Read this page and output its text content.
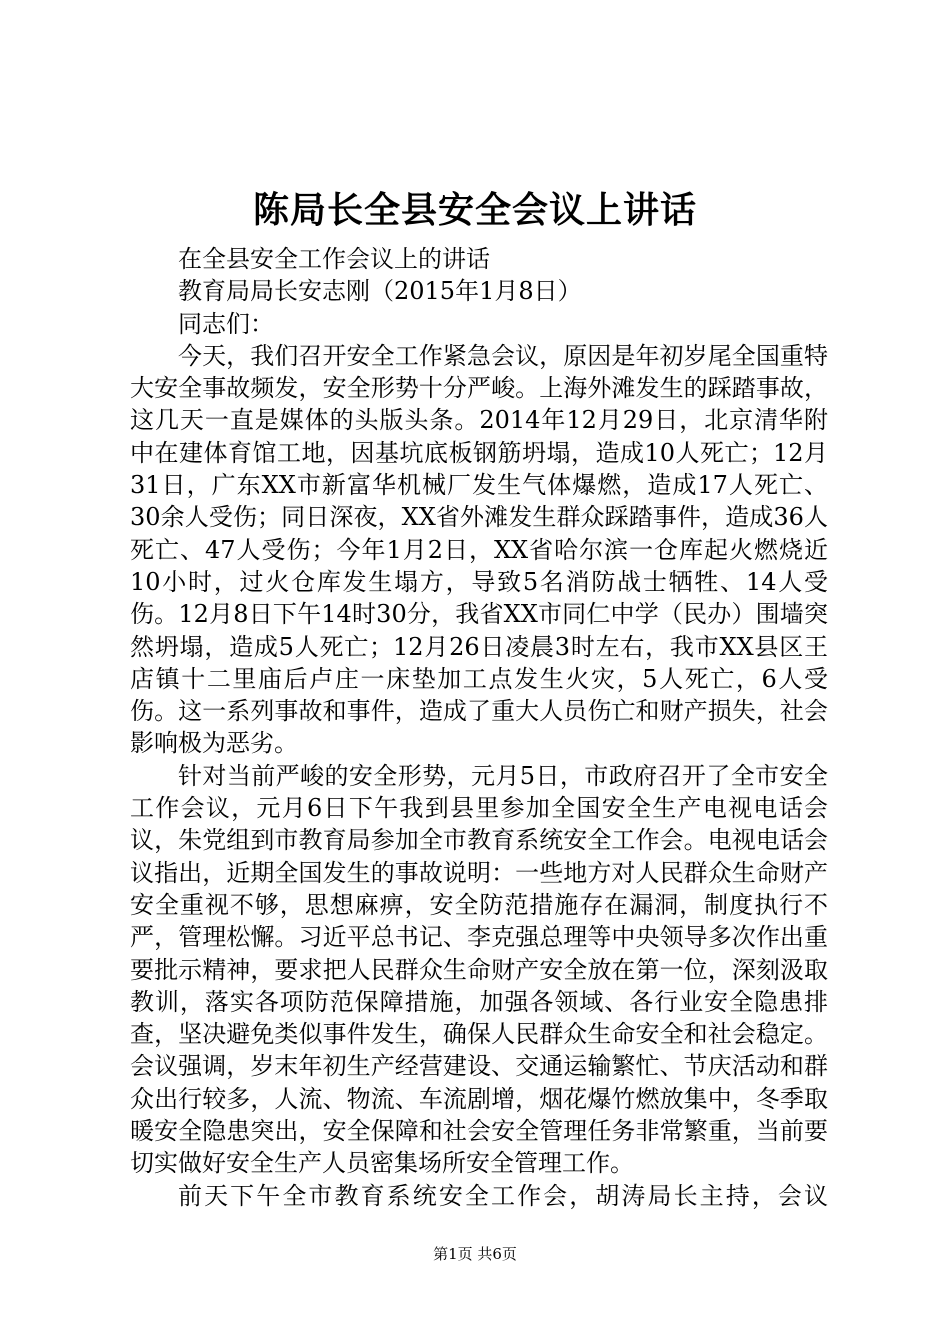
陈局长全县安全会议上讲话

在全县安全工作会议上的讲话

教育局局长安志刚（2015年1月8日）

同志们：

今天，我们召开安全工作紧急会议，原因是年初岁尾全国重特大安全事故频发，安全形势十分严峻。上海外滩发生的踩踏事故，这几天一直是媒体的头版头条。2014年12月29日，北京清华附中在建体育馆工地，因基坑底板钢筋坍塌，造成10人死亡；12月31日，广东XX市新富华机械厂发生气体爆燃，造成17人死亡、30余人受伤；同日深夜，XX省外滩发生群众踩踏事件，造成36人死亡、47人受伤；今年1月2日，XX省哈尔滨一仓库起火燃烧近10小时，过火仓库发生塌方，导致5名消防战士牺牲、14人受伤。12月8日下午14时30分，我省XX市同仁中学（民办）围墙突然坍塌，造成5人死亡；12月26日凌晨3时左右，我市XX县区王店镇十二里庙后卢庄一床垫加工点发生火灾，5人死亡，6人受伤。这一系列事故和事件，造成了重大人员伤亡和财产损失，社会影响极为恶劣。

针对当前严峻的安全形势，元月5日，市政府召开了全市安全工作会议，元月6日下午我到县里参加全国安全生产电视电话会议，朱党组到市教育局参加全市教育系统安全工作会。电视电话会议指出，近期全国发生的事故说明：一些地方对人民群众生命财产安全重视不够，思想麻痹，安全防范措施存在漏洞，制度执行不严，管理松懈。习近平总书记、李克强总理等中央领导多次作出重要批示精神，要求把人民群众生命财产安全放在第一位，深刻汲取教训，落实各项防范保障措施，加强各领域、各行业安全隐患排查，坚决避免类似事件发生，确保人民群众生命安全和社会稳定。会议强调，岁末年初生产经营建设、交通运输繁忙、节庆活动和群众出行较多，人流、物流、车流剧增，烟花爆竹燃放集中，冬季取暖安全隐患突出，安全保障和社会安全管理任务非常繁重，当前要切实做好安全生产人员密集场所安全管理工作。

前天下午全市教育系统安全工作会，胡涛局长主持，会议

第1页 共6页
